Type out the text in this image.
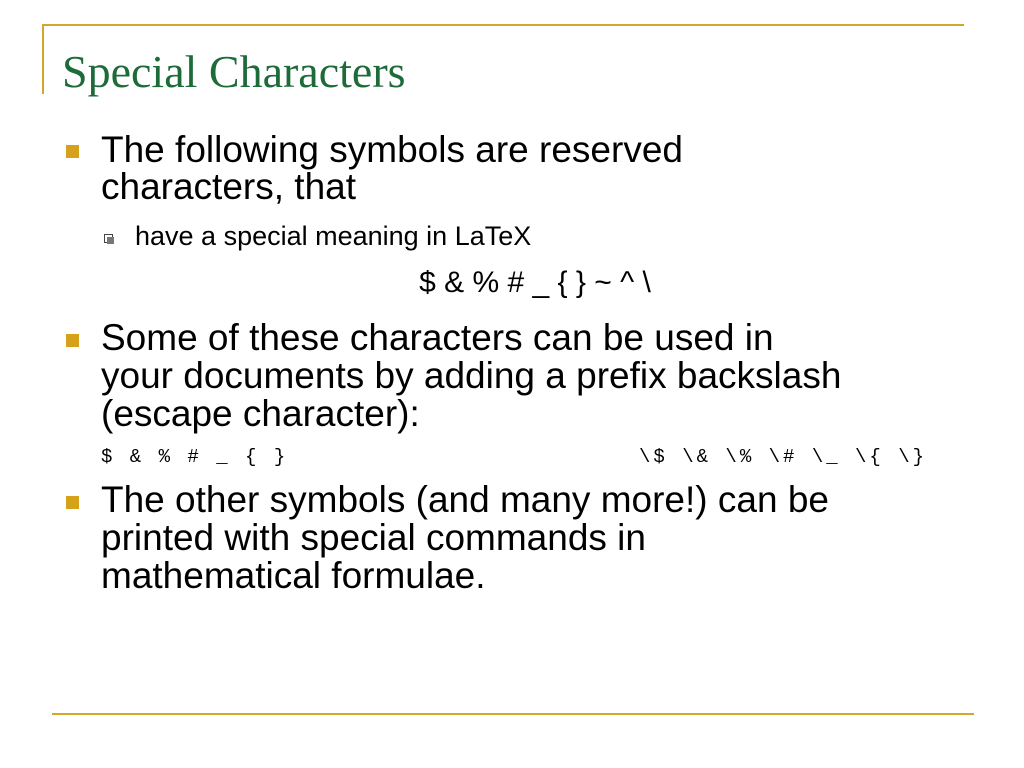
Special Characters
The following symbols are reserved
characters, that
have a special meaning in LaTeX
$ & % # _ { } ~ ^ \
Some of these characters can be used in
your documents by adding a prefix backslash
(escape character):
$ & % # _ { }	\$ \& \% \# \_ \{ \}
The other symbols (and many more!) can be
printed with special commands in
mathematical formulae.
